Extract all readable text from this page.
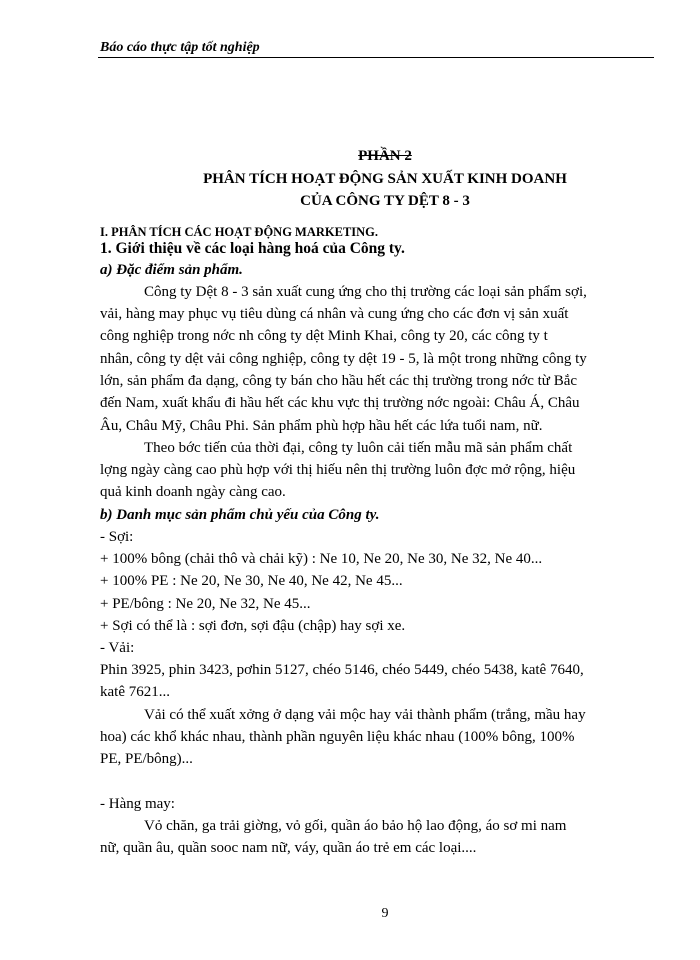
Báo cáo thực tập tốt nghiệp
PHẦN 2
PHÂN TÍCH HOẠT ĐỘNG SẢN XUẤT KINH DOANH
CỦA CÔNG TY DỆT 8 - 3
I. PHÂN TÍCH CÁC HOẠT ĐỘNG MARKETING.
1. Giới thiệu về các loại hàng hoá của Công ty.
a) Đặc điểm sản phẩm.
Công ty Dệt 8 - 3 sản xuất cung ứng cho thị trường các loại sản phẩm sợi,
vải, hàng may phục vụ tiêu dùng cá nhân và cung ứng cho các đơn vị sản xuất
công nghiệp trong nớc nh công ty dệt Minh Khai, công ty 20, các công ty t
nhân, công ty dệt vải công nghiệp, công ty dệt 19 - 5, là một trong những công ty
lớn, sản phẩm đa dạng, công ty bán cho hầu hết các thị trường trong nớc từ Bắc
đến Nam, xuất khẩu đi hầu hết các khu vực thị trường nớc ngoài: Châu Á, Châu
Âu, Châu Mỹ, Châu Phi. Sản phẩm phù hợp hầu hết các lứa tuổi nam, nữ.
Theo bớc tiến của thời đại, công ty luôn cải tiến mẫu mã sản phẩm chất
lợng ngày càng cao phù hợp với thị hiếu nên thị trường luôn đợc mở rộng, hiệu
quả kinh doanh ngày càng cao.
b) Danh mục sản phẩm chủ yếu của Công ty.
- Sợi:
+ 100% bông (chải thô và chải kỹ) : Ne 10, Ne 20, Ne 30, Ne 32, Ne 40...
+ 100% PE : Ne 20, Ne 30, Ne 40, Ne 42, Ne 45...
+ PE/bông : Ne 20, Ne 32, Ne 45...
+ Sợi có thể là : sợi đơn, sợi đậu (chập) hay sợi xe.
- Vải:
Phin 3925, phin 3423, pơhin 5127, chéo 5146, chéo 5449, chéo 5438, katê 7640,
katê 7621...
Vải có thể xuất xởng ở dạng vải mộc hay vải thành phẩm (trắng, mầu hay
hoa) các khổ khác nhau, thành phần nguyên liệu khác nhau (100% bông, 100%
PE, PE/bông)...
- Hàng may:
Vỏ chăn, ga trải giờng, vỏ gối, quần áo bảo hộ lao động, áo sơ mi nam
nữ, quần âu, quần sooc nam nữ, váy, quần áo trẻ em các loại....
9
